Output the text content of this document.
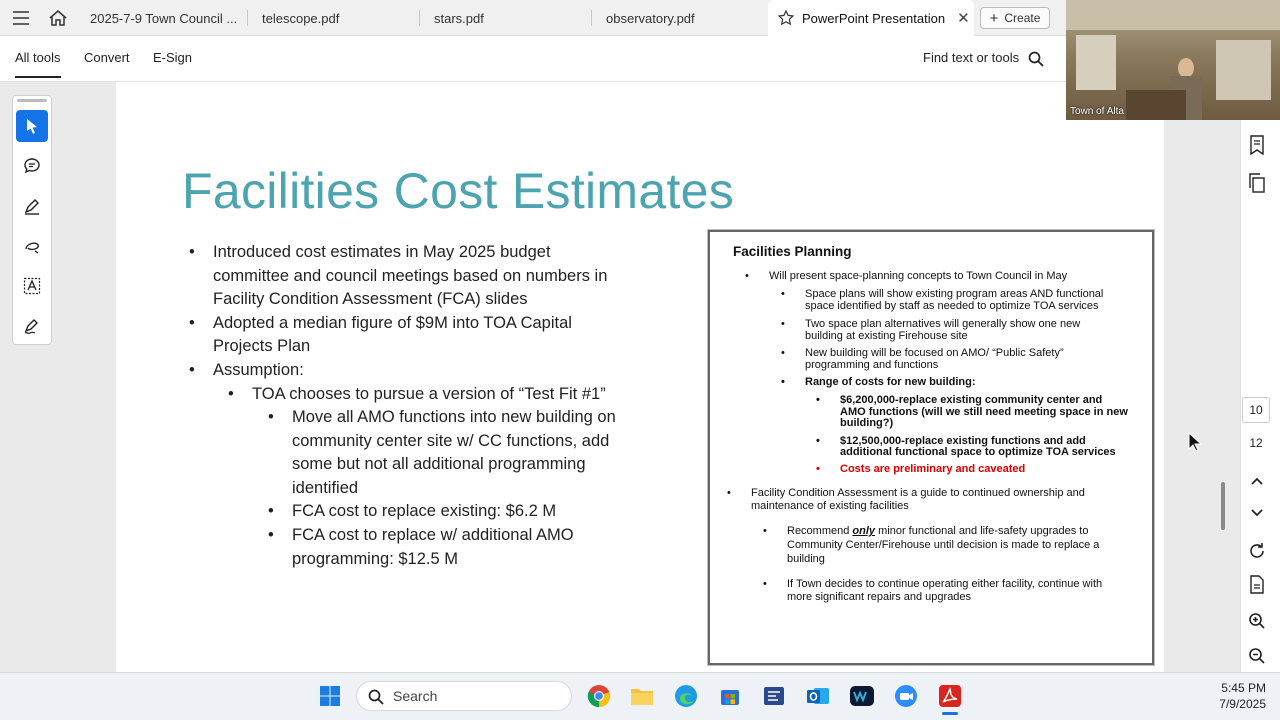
2025-7-9 Town Council ... telescope.pdf	stars.pdf	observatory.pdf	PowerPoint Presentation ✕ + Create
All tools Convert E-Sign	Find text or tools
Facilities Cost Estimates
• Introduced cost estimates in May 2025 budget
committee and council meetings based on numbers in
Facility Condition Assessment (FCA) slides
• Adopted a median figure of $9M into TOA Capital
Projects Plan
• Assumption:
• TOA chooses to pursue a version of “Test Fit #1”
• Move all AMO functions into new building on
community center site w/ CC functions, add
some but not all additional programming
identified
• FCA cost to replace existing: $6.2 M
• FCA cost to replace w/ additional AMO
programming: $12.5 M
Facilities Planning
• Will present space-planning concepts to Town Council in May
• Space plans will show existing program areas AND functional
space identified by staff as needed to optimize TOA services
• Two space plan alternatives will generally show one new
building at existing Firehouse site
• New building will be focused on AMO/ “Public Safety”
programming and functions
• Range of costs for new building:
• $6,200,000-replace existing community center and
AMO functions (will we still need meeting space in new
building?)
• $12,500,000-replace existing functions and add
additional functional space to optimize TOA services
• Costs are preliminary and caveated
• Facility Condition Assessment is a guide to continued ownership and
maintenance of existing facilities
• Recommend only minor functional and life-safety upgrades to
Community Center/Firehouse until decision is made to replace a
building
• If Town decides to continue operating either facility, continue with
more significant repairs and upgrades
10
12
Town of Alta
Search	5:45 PM
7/9/2025
